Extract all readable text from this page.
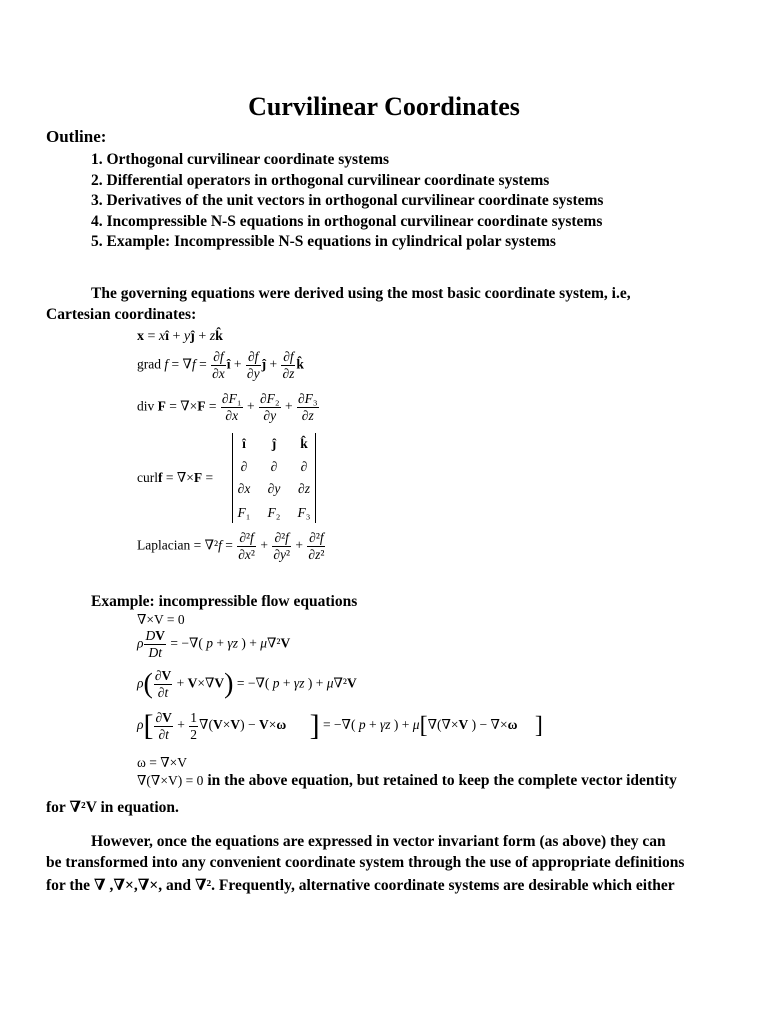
Curvilinear Coordinates
Outline:
1. Orthogonal curvilinear coordinate systems
2. Differential operators in orthogonal curvilinear coordinate systems
3. Derivatives of the unit vectors in orthogonal curvilinear coordinate systems
4. Incompressible N-S equations in orthogonal curvilinear coordinate systems
5. Example: Incompressible N-S equations in cylindrical polar systems
The governing equations were derived using the most basic coordinate system, i.e,
Cartesian coordinates:
x = xî + yĵ + zk̂
grad $f = \nabla f = \frac{\partial f}{\partial x}$ î + $\frac{\partial f}{\partial y}$ ĵ + $\frac{\partial f}{\partial z}$ k̂
div $F = \nabla\times F = \frac{\text{∂F₁}}{\partial x} + \frac{\text{∂F₂}}{\partial y} + \frac{\text{∂F₃}}{\partial z}$
curlf = ∇×F =
î ĵ k̂
∂ ∂ ∂
∂x ∂y ∂z
F₁ F₂ F₃
Laplacian = $\nabla^2f = \frac{\text{∂²f}}{\text{∂x²}} + \frac{\text{∂²f}}{\text{∂y²}} + \frac{\text{∂²f}}{\text{∂z²}}$
Example: incompressible flow equations
∇×V = 0
ρ $\frac{DV}{Dt}$ = −∇( p + γz ) + μ∇²V
$\rho( \frac{\partial V}{\partial t} + V\times\nabla V)$ = −∇( p + γz ) + μ∇²V
$\rho[ \frac{\partial V}{\partial t} + \frac{1}{2} \nabla(V\times V) - V\times\omega$ ] = −∇( p + γz ) + μ[∇(∇×V ) − ∇×ω ]
ω = ∇×V
∇(∇×V) = 0 in the above equation, but retained to keep the complete vector identity
for ∇²V in equation.
However, once the equations are expressed in vector invariant form (as above) they can
be transformed into any convenient coordinate system through the use of appropriate definitions
for the ∇ ,∇×,∇×, and ∇². Frequently, alternative coordinate systems are desirable which either
